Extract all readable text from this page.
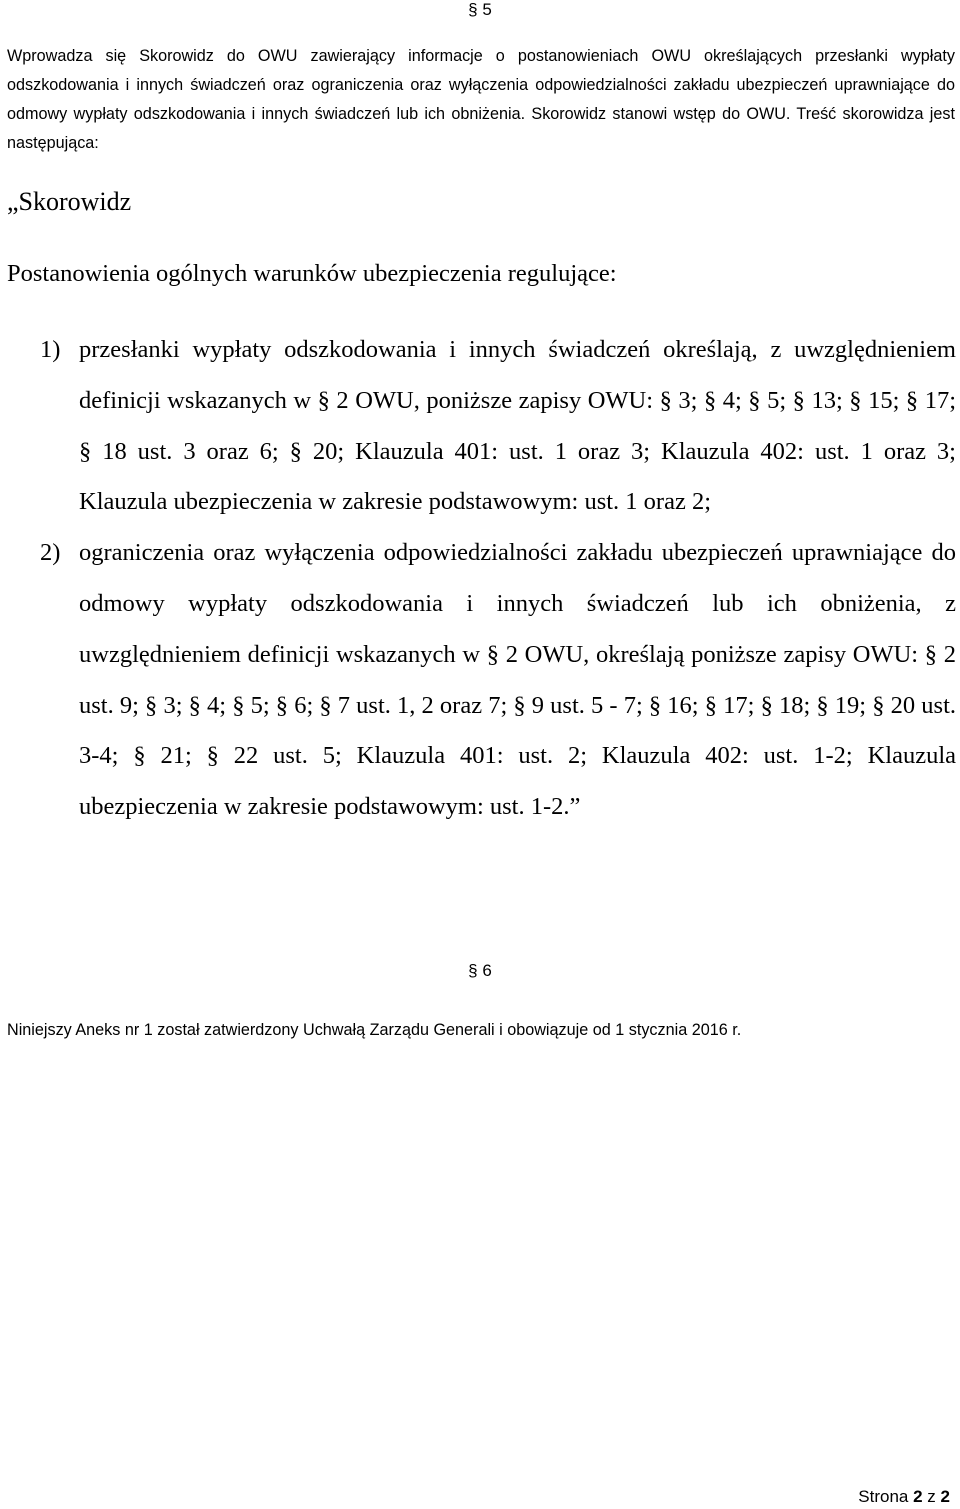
§ 5

Wprowadza się Skorowidz do OWU zawierający informacje o postanowieniach OWU określających przesłanki wypłaty odszkodowania i innych świadczeń oraz ograniczenia oraz wyłączenia odpowiedzialności zakładu ubezpieczeń uprawniające do odmowy wypłaty odszkodowania i innych świadczeń lub ich obniżenia. Skorowidz stanowi wstęp do OWU. Treść skorowidza jest następująca:

„Skorowidz
Postanowienia ogólnych warunków ubezpieczenia regulujące:
1) przesłanki wypłaty odszkodowania i innych świadczeń określają, z uwzględnieniem definicji wskazanych w § 2 OWU, poniższe zapisy OWU: § 3; § 4; § 5; § 13; § 15; § 17; § 18 ust. 3 oraz 6; § 20; Klauzula 401: ust. 1 oraz 3; Klauzula 402: ust. 1 oraz 3; Klauzula ubezpieczenia w zakresie podstawowym: ust. 1 oraz 2;
2) ograniczenia oraz wyłączenia odpowiedzialności zakładu ubezpieczeń uprawniające do odmowy wypłaty odszkodowania i innych świadczeń lub ich obniżenia, z uwzględnieniem definicji wskazanych w § 2 OWU, określają poniższe zapisy OWU: § 2 ust. 9; § 3; § 4; § 5; § 6; § 7 ust. 1, 2 oraz 7; § 9 ust. 5 - 7; § 16; § 17; § 18; § 19; § 20 ust. 3-4; § 21; § 22 ust. 5; Klauzula 401: ust. 2; Klauzula 402: ust. 1-2; Klauzula ubezpieczenia w zakresie podstawowym: ust. 1-2.”
§ 6
Niniejszy Aneks nr 1 został zatwierdzony Uchwałą Zarządu Generali i obowiązuje od 1 stycznia 2016 r.
Strona 2 z 2
